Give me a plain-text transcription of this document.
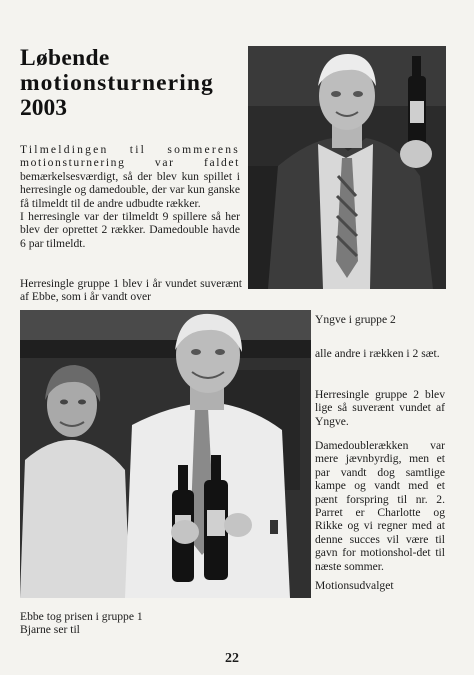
Løbende
motionsturnering
2003
Tilmeldingen til sommerens
motionsturnering var faldet

bemærkelsesværdigt, så der blev kun spillet i herresingle og damedouble, der var kun ganske få tilmeldt til de andre udbudte rækker.

I herresingle var der tilmeldt 9 spillere så her blev der oprettet 2 rækker. Damedouble havde 6 par tilmeldt.

Herresingle gruppe 1 blev i år vundet suverænt af Ebbe, som i år vandt over
Yngve i gruppe 2
alle andre i rækken i 2 sæt.
Herresingle gruppe 2 blev lige så suverænt vundet af Yngve.
Damedoublerækken var mere jævnbyrdig, men et par vandt dog samtlige kampe og vandt med et pænt forspring til nr. 2. Parret er Charlotte og Rikke og vi regner med at denne succes vil være til gavn for motionshol-det til næste sommer.
Motionsudvalget
Ebbe tog prisen i gruppe 1
Bjarne ser til
22
